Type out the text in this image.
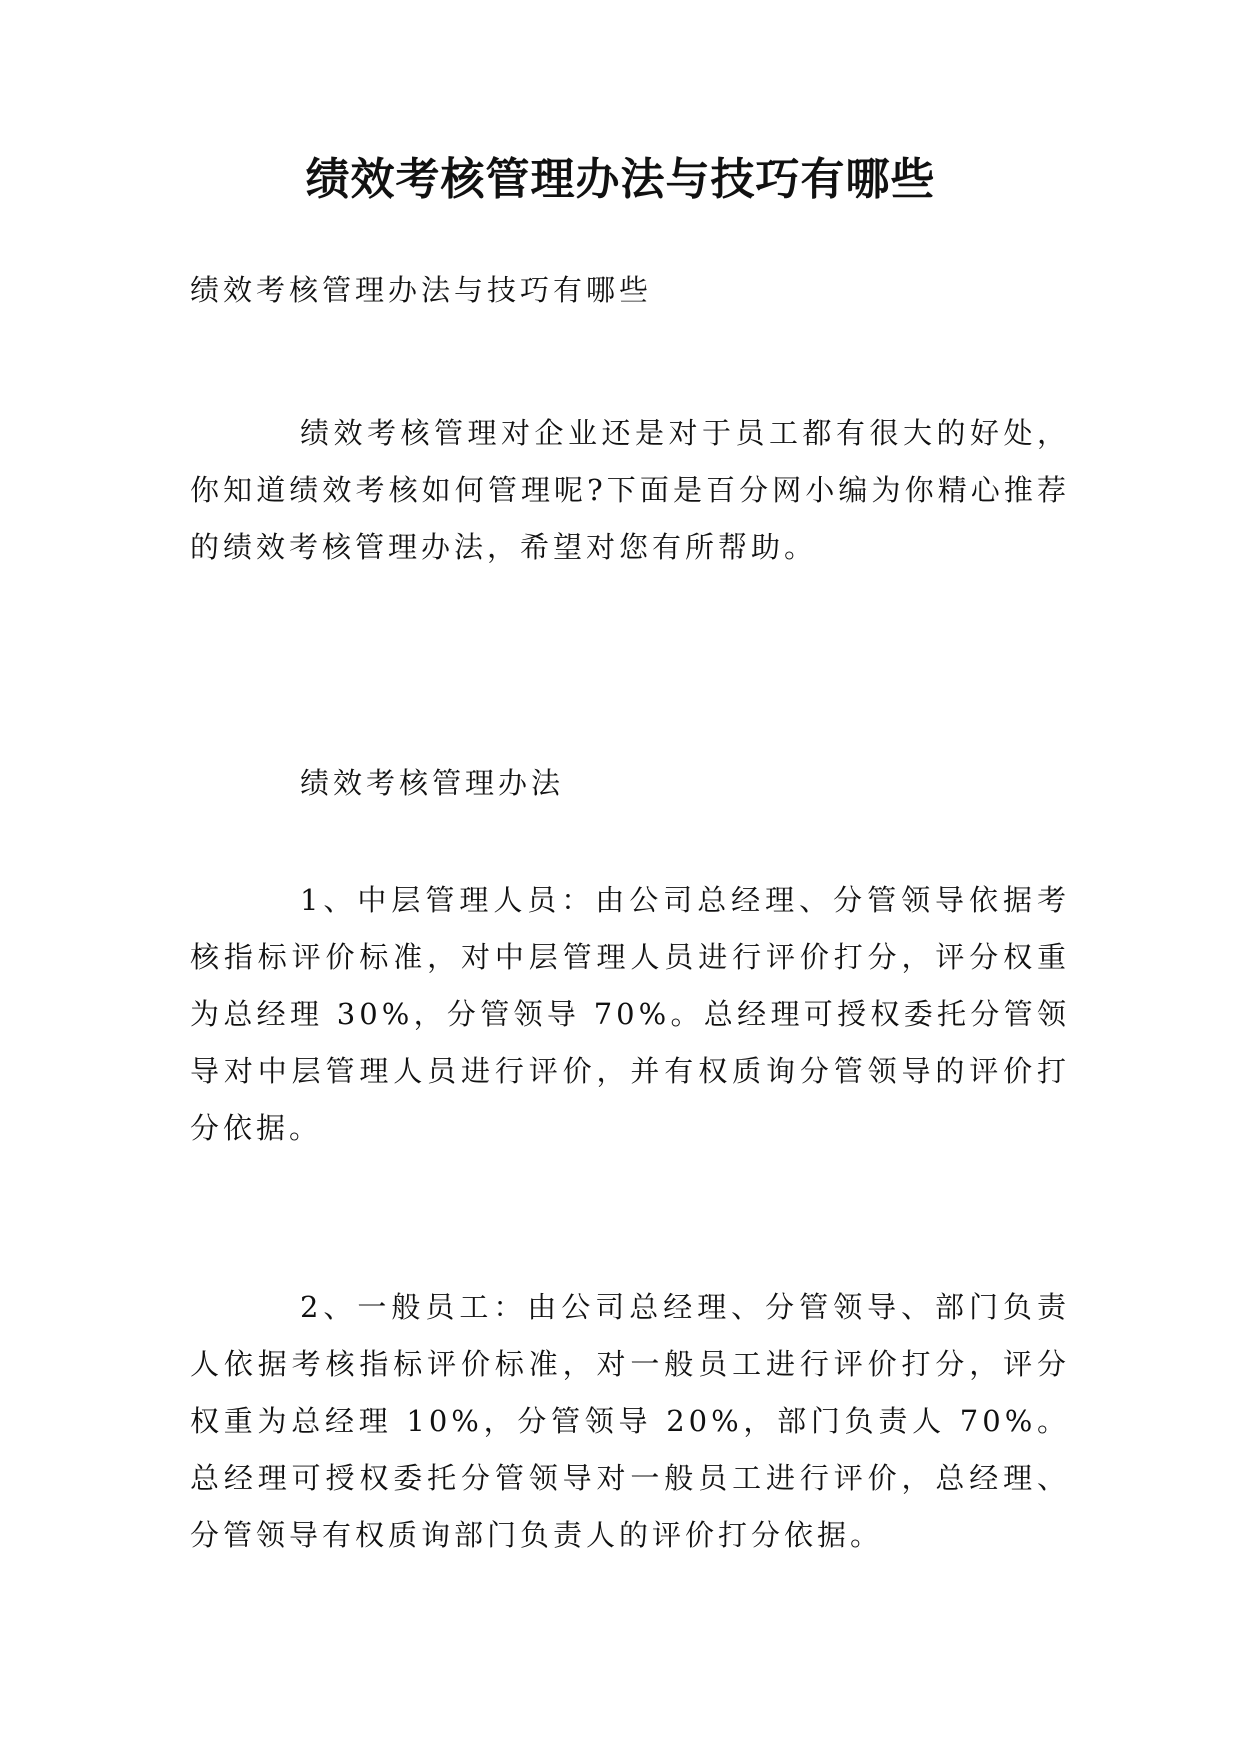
绩效考核管理办法与技巧有哪些

绩效考核管理办法与技巧有哪些

绩效考核管理对企业还是对于员工都有很大的好处，你知道绩效考核如何管理呢?下面是百分网小编为你精心推荐的绩效考核管理办法，希望对您有所帮助。

绩效考核管理办法

1、中层管理人员：由公司总经理、分管领导依据考核指标评价标准，对中层管理人员进行评价打分，评分权重为总经理 30%，分管领导 70%。总经理可授权委托分管领导对中层管理人员进行评价，并有权质询分管领导的评价打分依据。

2、一般员工：由公司总经理、分管领导、部门负责人依据考核指标评价标准，对一般员工进行评价打分，评分权重为总经理 10%，分管领导 20%，部门负责人 70%。总经理可授权委托分管领导对一般员工进行评价，总经理、分管领导有权质询部门负责人的评价打分依据。
